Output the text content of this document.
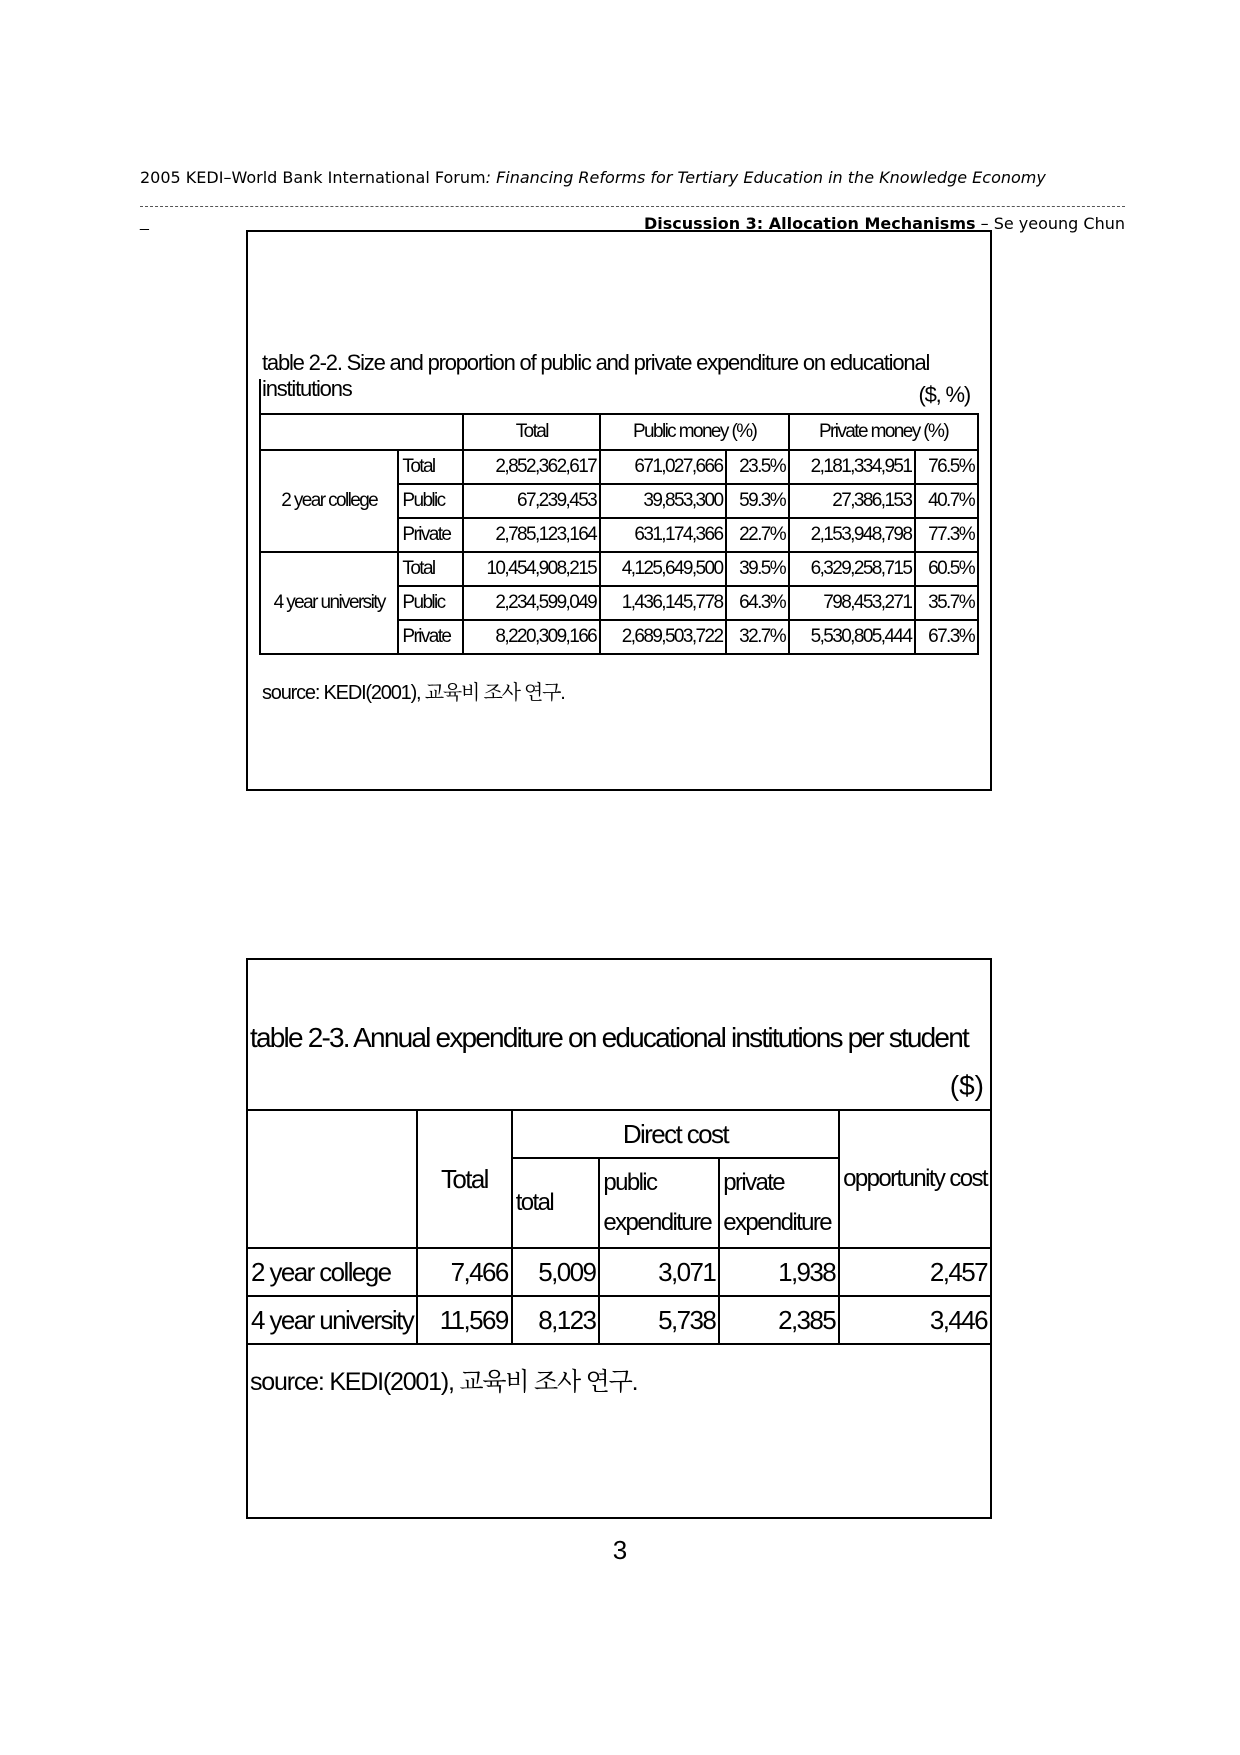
2005 KEDI–World Bank International Forum: Financing Reforms for Tertiary Education in the Knowledge Economy
_	Discussion 3: Allocation Mechanisms – Se yeoung Chun
table 2-2. Size and proportion of public and private expenditure on educational institutions	($, %)
		Total	Public money (%)		Private money (%)	
2 year college	Total	2,852,362,617	671,027,666	23.5%	2,181,334,951	76.5%
	Public	67,239,453	39,853,300	59.3%	27,386,153	40.7%
	Private	2,785,123,164	631,174,366	22.7%	2,153,948,798	77.3%
4 year university	Total	10,454,908,215	4,125,649,500	39.5%	6,329,258,715	60.5%
	Public	2,234,599,049	1,436,145,778	64.3%	798,453,271	35.7%
	Private	8,220,309,166	2,689,503,722	32.7%	5,530,805,444	67.3%
source: KEDI(2001), 교육비 조사 연구.
table 2-3. Annual expenditure on educational institutions per student
($)
	Total	Direct cost			opportunity cost
		total	public expenditure	private expenditure	
2 year college	7,466	5,009	3,071	1,938	2,457
4 year university	11,569	8,123	5,738	2,385	3,446
source: KEDI(2001), 교육비 조사 연구.
3
